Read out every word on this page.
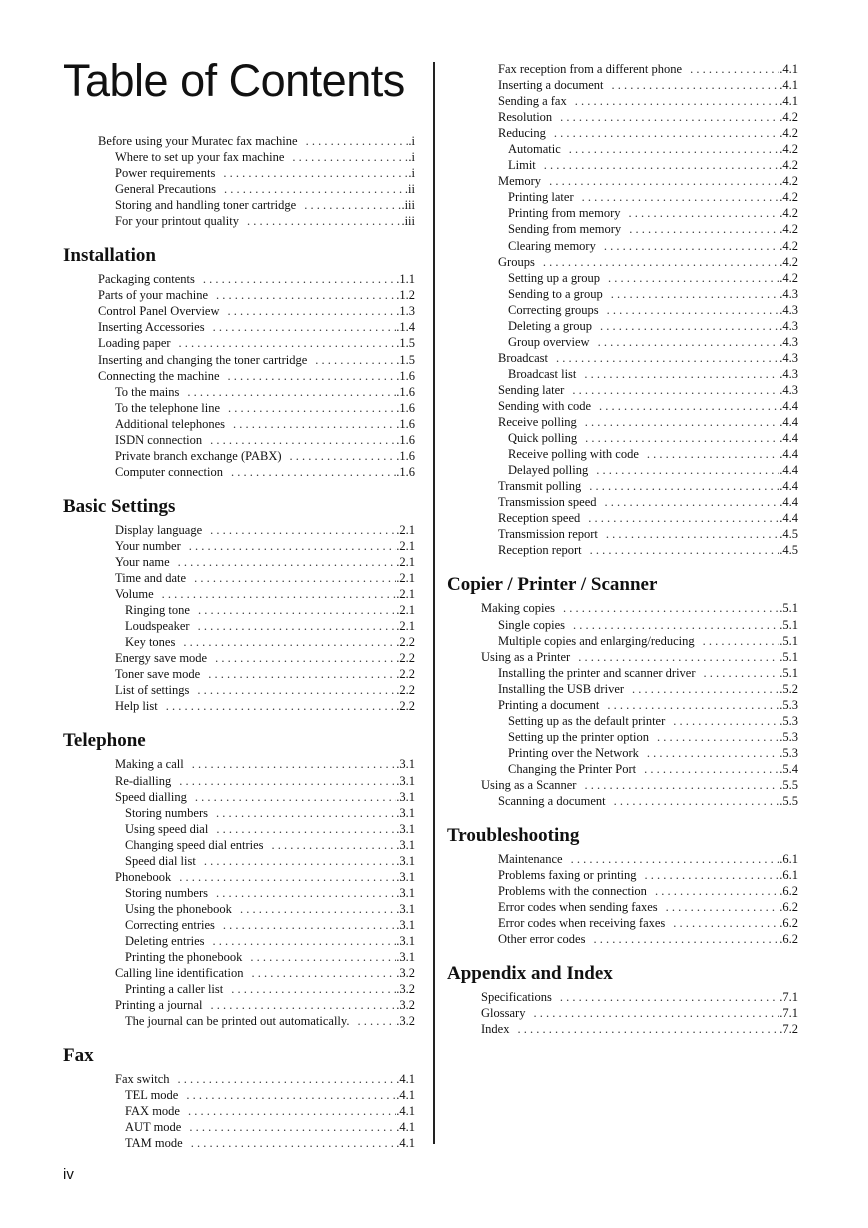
Table of Contents
Before using your Muratec fax machine . . .	.i
Where to set up your fax machine . . .	.i
Power requirements . . .	.i
General Precautions . . .	.ii
Storing and handling toner cartridge . . .	.iii
For your printout quality . . .	.iii
Installation
Packaging contents . . .	.1.1
Parts of your machine . . .	.1.2
Control Panel Overview . . .	.1.3
Inserting Accessories . . .	.1.4
Loading paper . . .	.1.5
Inserting and changing the toner cartridge . . .	.1.5
Connecting the machine . . .	.1.6
To the mains . . .	.1.6
To the telephone line . . .	.1.6
Additional telephones . . .	.1.6
ISDN connection . . .	.1.6
Private branch exchange (PABX) . . .	.1.6
Computer connection . . .	.1.6
Basic Settings
Display language . . .	.2.1
Your number . . .	.2.1
Your name . . .	.2.1
Time and date . . .	.2.1
Volume . . .	.2.1
Ringing tone . . .	.2.1
Loudspeaker . . .	.2.1
Key tones . . .	.2.2
Energy save mode . . .	.2.2
Toner save mode . . .	.2.2
List of settings . . .	.2.2
Help list . . .	.2.2
Telephone
Making a call . . .	.3.1
Re-dialling . . .	.3.1
Speed dialling . . .	.3.1
Storing numbers . . .	.3.1
Using speed dial . . .	.3.1
Changing speed dial entries . . .	.3.1
Speed dial list . . .	.3.1
Phonebook . . .	.3.1
Storing numbers . . .	.3.1
Using the phonebook . . .	.3.1
Correcting entries . . .	.3.1
Deleting entries . . .	.3.1
Printing the phonebook . . .	.3.1
Calling line identification . . .	.3.2
Printing a caller list . . .	.3.2
Printing a journal . . .	.3.2
The journal can be printed out automatically. . . .	.3.2
Fax
Fax switch . . .	.4.1
TEL mode . . .	.4.1
FAX mode . . .	.4.1
AUT mode . . .	.4.1
TAM mode . . .	.4.1
Fax reception from a different phone . . .	.4.1
Inserting a document . . .	.4.1
Sending a fax . . .	.4.1
Resolution . . .	.4.2
Reducing . . .	.4.2
Automatic . . .	.4.2
Limit . . .	.4.2
Memory . . .	.4.2
Printing later . . .	.4.2
Printing from memory . . .	.4.2
Sending from memory . . .	.4.2
Clearing memory . . .	.4.2
Groups . . .	.4.2
Setting up a group . . .	.4.2
Sending to a group . . .	.4.3
Correcting groups . . .	.4.3
Deleting a group . . .	.4.3
Group overview . . .	.4.3
Broadcast . . .	.4.3
Broadcast list . . .	.4.3
Sending later . . .	.4.3
Sending with code . . .	.4.4
Receive polling . . .	.4.4
Quick polling . . .	.4.4
Receive polling with code . . .	.4.4
Delayed polling . . .	.4.4
Transmit polling . . .	.4.4
Transmission speed . . .	.4.4
Reception speed . . .	.4.4
Transmission report . . .	.4.5
Reception report . . .	.4.5
Copier / Printer / Scanner
Making copies . . .	.5.1
Single copies . . .	.5.1
Multiple copies and enlarging/reducing . . .	.5.1
Using as a Printer . . .	.5.1
Installing the printer and scanner driver . . .	.5.1
Installing the USB driver . . .	.5.2
Printing a document . . .	.5.3
Setting up as the default printer . . .	.5.3
Setting up the printer option . . .	.5.3
Printing over the Network . . .	.5.3
Changing the Printer Port . . .	.5.4
Using as a Scanner . . .	.5.5
Scanning a document . . .	.5.5
Troubleshooting
Maintenance . . .	.6.1
Problems faxing or printing . . .	.6.1
Problems with the connection . . .	.6.2
Error codes when sending faxes . . .	.6.2
Error codes when receiving faxes . . .	.6.2
Other error codes . . .	.6.2
Appendix and Index
Specifications . . .	.7.1
Glossary . . .	.7.1
Index . . .	.7.2
iv
